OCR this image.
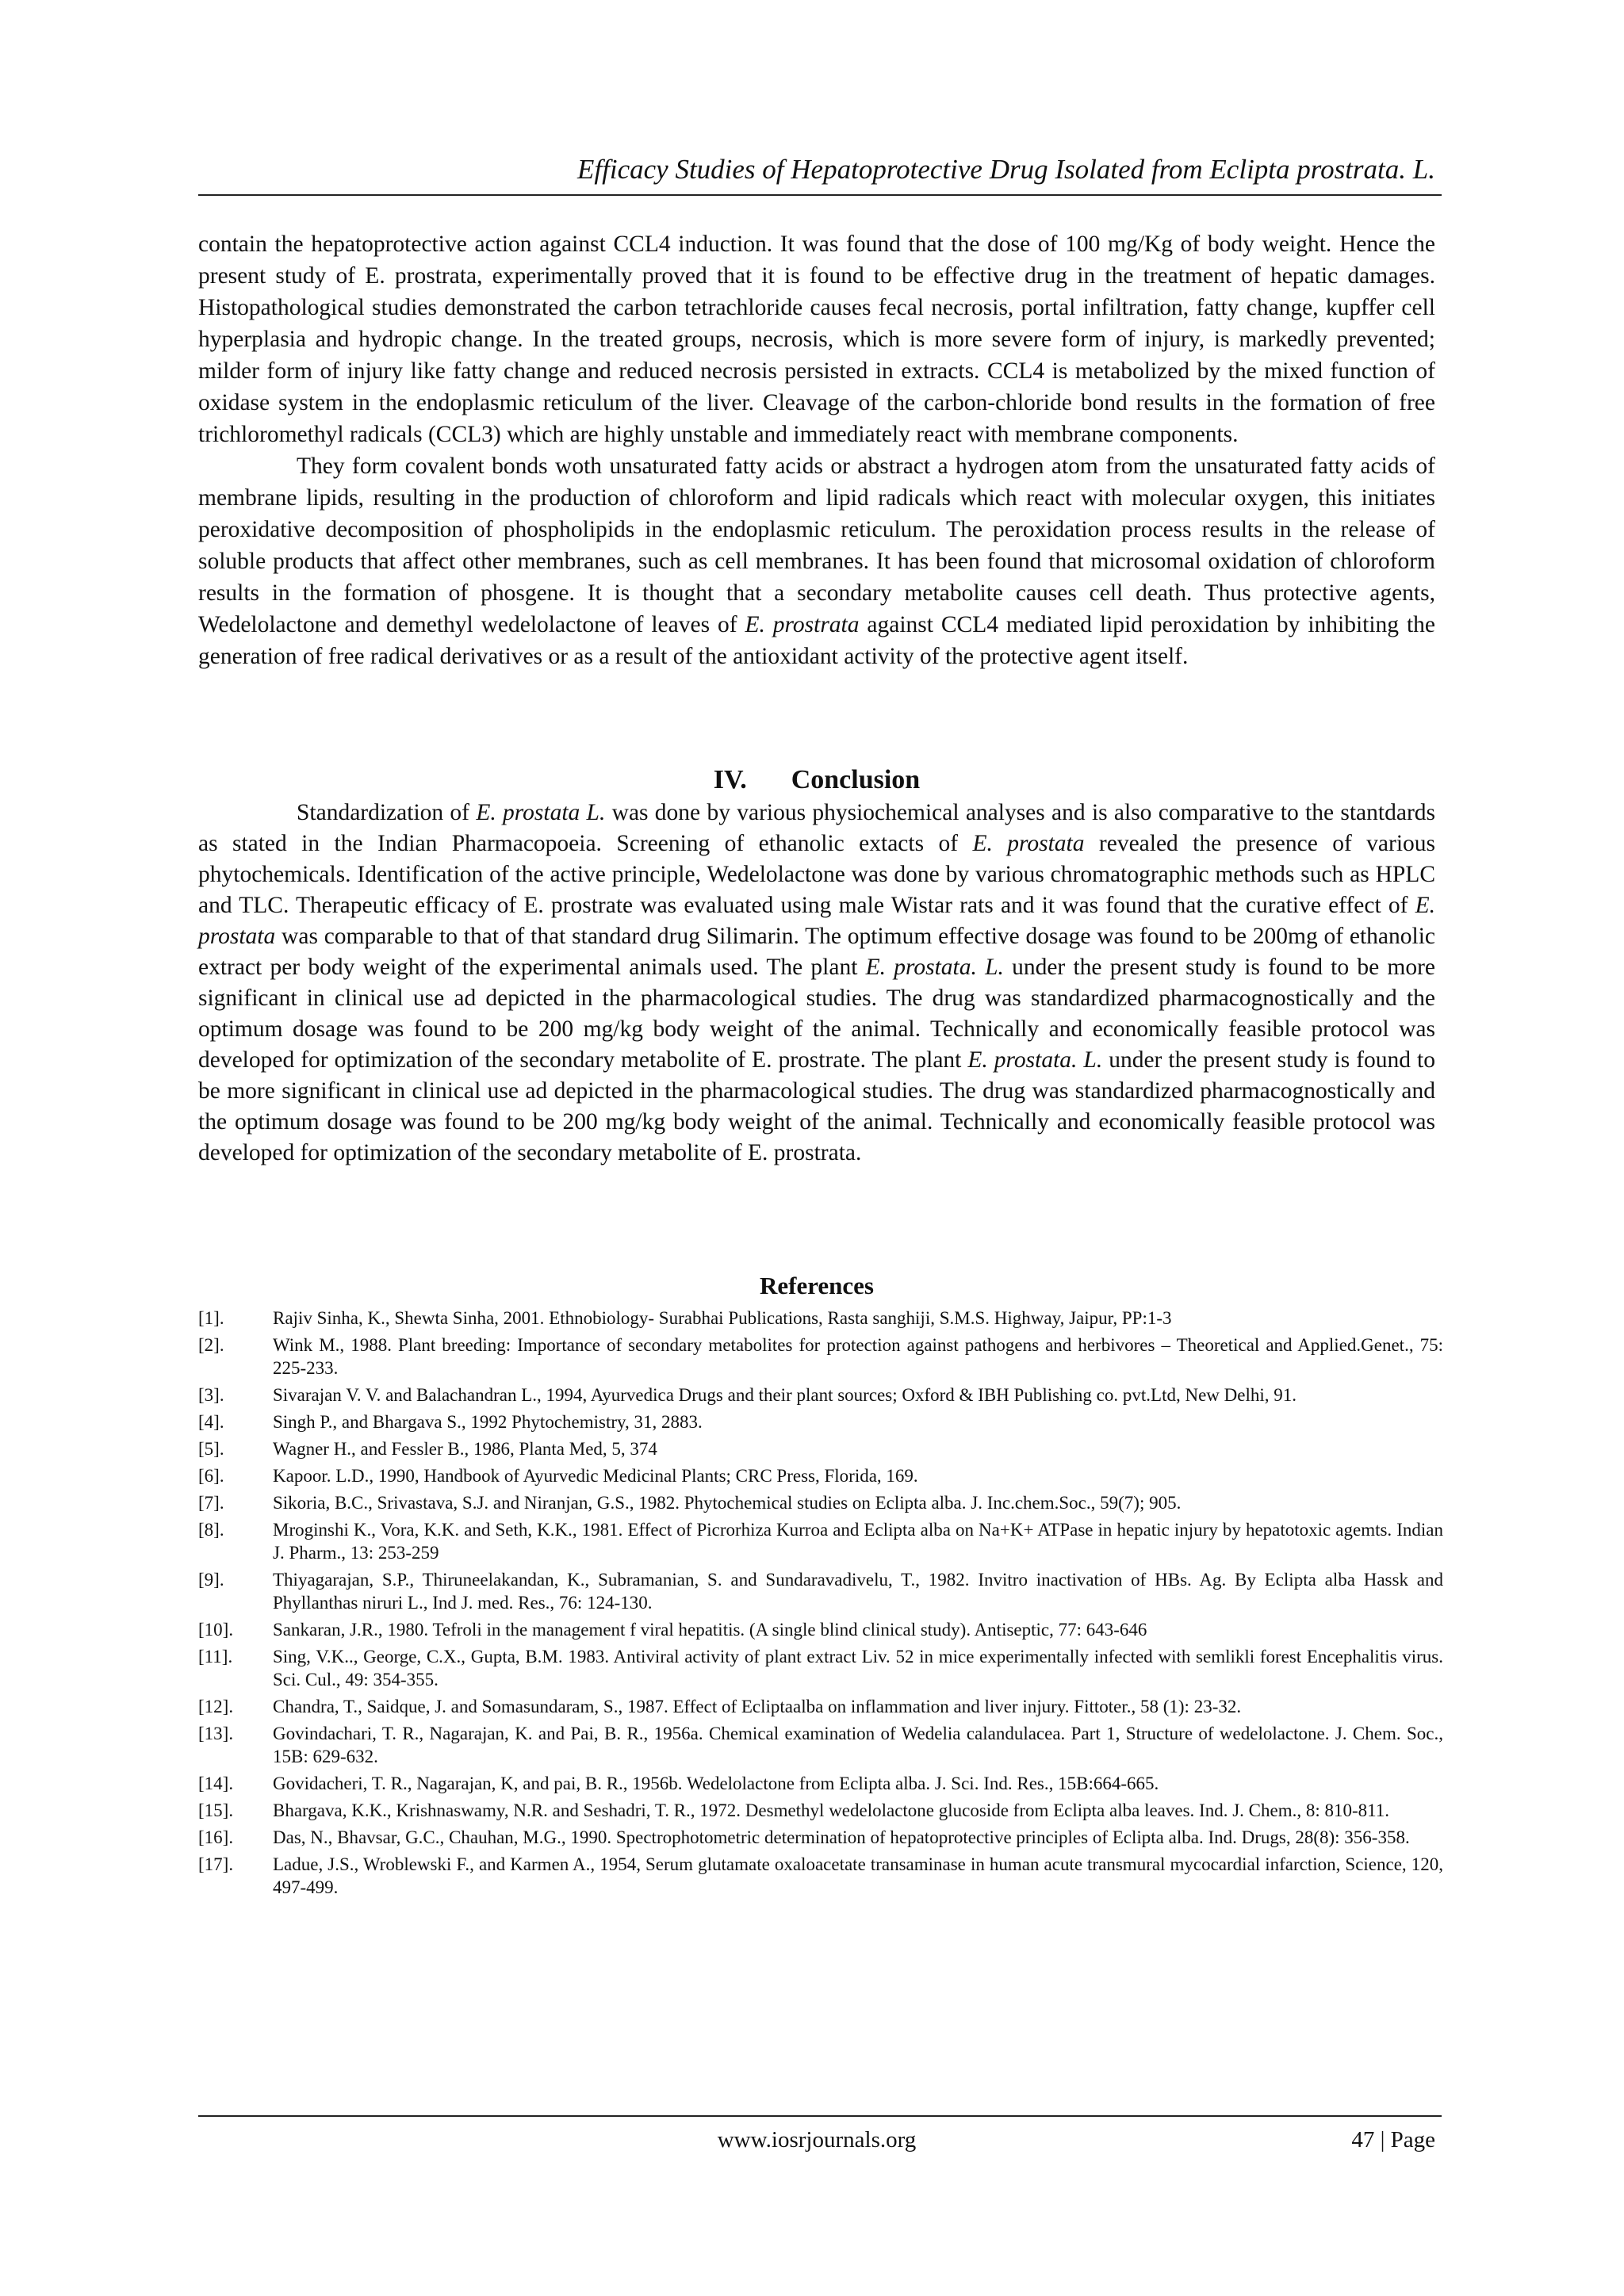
Efficacy Studies of Hepatoprotective Drug Isolated from Eclipta prostrata. L.

contain the hepatoprotective action against CCL4 induction. It was found that the dose of 100 mg/Kg of body weight. Hence the present study of E. prostrata, experimentally proved that it is found to be effective drug in the treatment of hepatic damages. Histopathological studies demonstrated the carbon tetrachloride causes fecal necrosis, portal infiltration, fatty change, kupffer cell hyperplasia and hydropic change. In the treated groups, necrosis, which is more severe form of injury, is markedly prevented; milder form of injury like fatty change and reduced necrosis persisted in extracts. CCL4 is metabolized by the mixed function of oxidase system in the endoplasmic reticulum of the liver. Cleavage of the carbon-chloride bond results in the formation of free trichloromethyl radicals (CCL3) which are highly unstable and immediately react with membrane components.

They form covalent bonds woth unsaturated fatty acids or abstract a hydrogen atom from the unsaturated fatty acids of membrane lipids, resulting in the production of chloroform and lipid radicals which react with molecular oxygen, this initiates peroxidative decomposition of phospholipids in the endoplasmic reticulum. The peroxidation process results in the release of soluble products that affect other membranes, such as cell membranes. It has been found that microsomal oxidation of chloroform results in the formation of phosgene. It is thought that a secondary metabolite causes cell death. Thus protective agents, Wedelolactone and demethyl wedelolactone of leaves of E. prostrata against CCL4 mediated lipid peroxidation by inhibiting the generation of free radical derivatives or as a result of the antioxidant activity of the protective agent itself.

IV. Conclusion

Standardization of E. prostata L. was done by various physiochemical analyses and is also comparative to the stantdards as stated in the Indian Pharmacopoeia. Screening of ethanolic extacts of E. prostata revealed the presence of various phytochemicals. Identification of the active principle, Wedelolactone was done by various chromatographic methods such as HPLC and TLC. Therapeutic efficacy of E. prostrate was evaluated using male Wistar rats and it was found that the curative effect of E. prostata was comparable to that of that standard drug Silimarin. The optimum effective dosage was found to be 200mg of ethanolic extract per body weight of the experimental animals used. The plant E. prostata. L. under the present study is found to be more significant in clinical use ad depicted in the pharmacological studies. The drug was standardized pharmacognostically and the optimum dosage was found to be 200 mg/kg body weight of the animal. Technically and economically feasible protocol was developed for optimization of the secondary metabolite of E. prostrate. The plant E. prostata. L. under the present study is found to be more significant in clinical use ad depicted in the pharmacological studies. The drug was standardized pharmacognostically and the optimum dosage was found to be 200 mg/kg body weight of the animal. Technically and economically feasible protocol was developed for optimization of the secondary metabolite of E. prostrata.

References
[1].	Rajiv Sinha, K., Shewta Sinha, 2001. Ethnobiology- Surabhai Publications, Rasta sanghiji, S.M.S. Highway, Jaipur, PP:1-3
[2].	Wink M., 1988. Plant breeding: Importance of secondary metabolites for protection against pathogens and herbivores – Theoretical and Applied.Genet., 75: 225-233.
[3].	Sivarajan V. V. and Balachandran L., 1994, Ayurvedica Drugs and their plant sources; Oxford & IBH Publishing co. pvt.Ltd, New Delhi, 91.
[4].	Singh P., and Bhargava S., 1992 Phytochemistry, 31, 2883.
[5].	Wagner H., and Fessler B., 1986, Planta Med, 5, 374
[6].	Kapoor. L.D., 1990, Handbook of Ayurvedic Medicinal Plants; CRC Press, Florida, 169.
[7].	Sikoria, B.C., Srivastava, S.J. and Niranjan, G.S., 1982. Phytochemical studies on Eclipta alba. J. Inc.chem.Soc., 59(7); 905.
[8].	Mroginshi K., Vora, K.K. and Seth, K.K., 1981. Effect of Picrorhiza Kurroa and Eclipta alba on Na+K+ ATPase in hepatic injury by hepatotoxic agemts. Indian J. Pharm., 13: 253-259
[9].	Thiyagarajan, S.P., Thiruneelakandan, K., Subramanian, S. and Sundaravadivelu, T., 1982. Invitro inactivation of HBs. Ag. By Eclipta alba Hassk and Phyllanthas niruri L., Ind J. med. Res., 76: 124-130.
[10].	Sankaran, J.R., 1980. Tefroli in the management f viral hepatitis. (A single blind clinical study). Antiseptic, 77: 643-646
[11].	Sing, V.K.., George, C.X., Gupta, B.M. 1983. Antiviral activity of plant extract Liv. 52 in mice experimentally infected with semlikli forest Encephalitis virus. Sci. Cul., 49: 354-355.
[12].	Chandra, T., Saidque, J. and Somasundaram, S., 1987. Effect of Ecliptaalba on inflammation and liver injury. Fittoter., 58 (1): 23-32.
[13].	Govindachari, T. R., Nagarajan, K. and Pai, B. R., 1956a. Chemical examination of Wedelia calandulacea. Part 1, Structure of wedelolactone. J. Chem. Soc., 15B: 629-632.
[14].	Govidacheri, T. R., Nagarajan, K, and pai, B. R., 1956b. Wedelolactone from Eclipta alba. J. Sci. Ind. Res., 15B:664-665.
[15].	Bhargava, K.K., Krishnaswamy, N.R. and Seshadri, T. R., 1972. Desmethyl wedelolactone glucoside from Eclipta alba leaves. Ind. J. Chem., 8: 810-811.
[16].	Das, N., Bhavsar, G.C., Chauhan, M.G., 1990. Spectrophotometric determination of hepatoprotective principles of Eclipta alba. Ind. Drugs, 28(8): 356-358.
[17].	Ladue, J.S., Wroblewski F., and Karmen A., 1954, Serum glutamate oxaloacetate transaminase in human acute transmural mycocardial infarction, Science, 120, 497-499.
www.iosrjournals.org	47 | Page
